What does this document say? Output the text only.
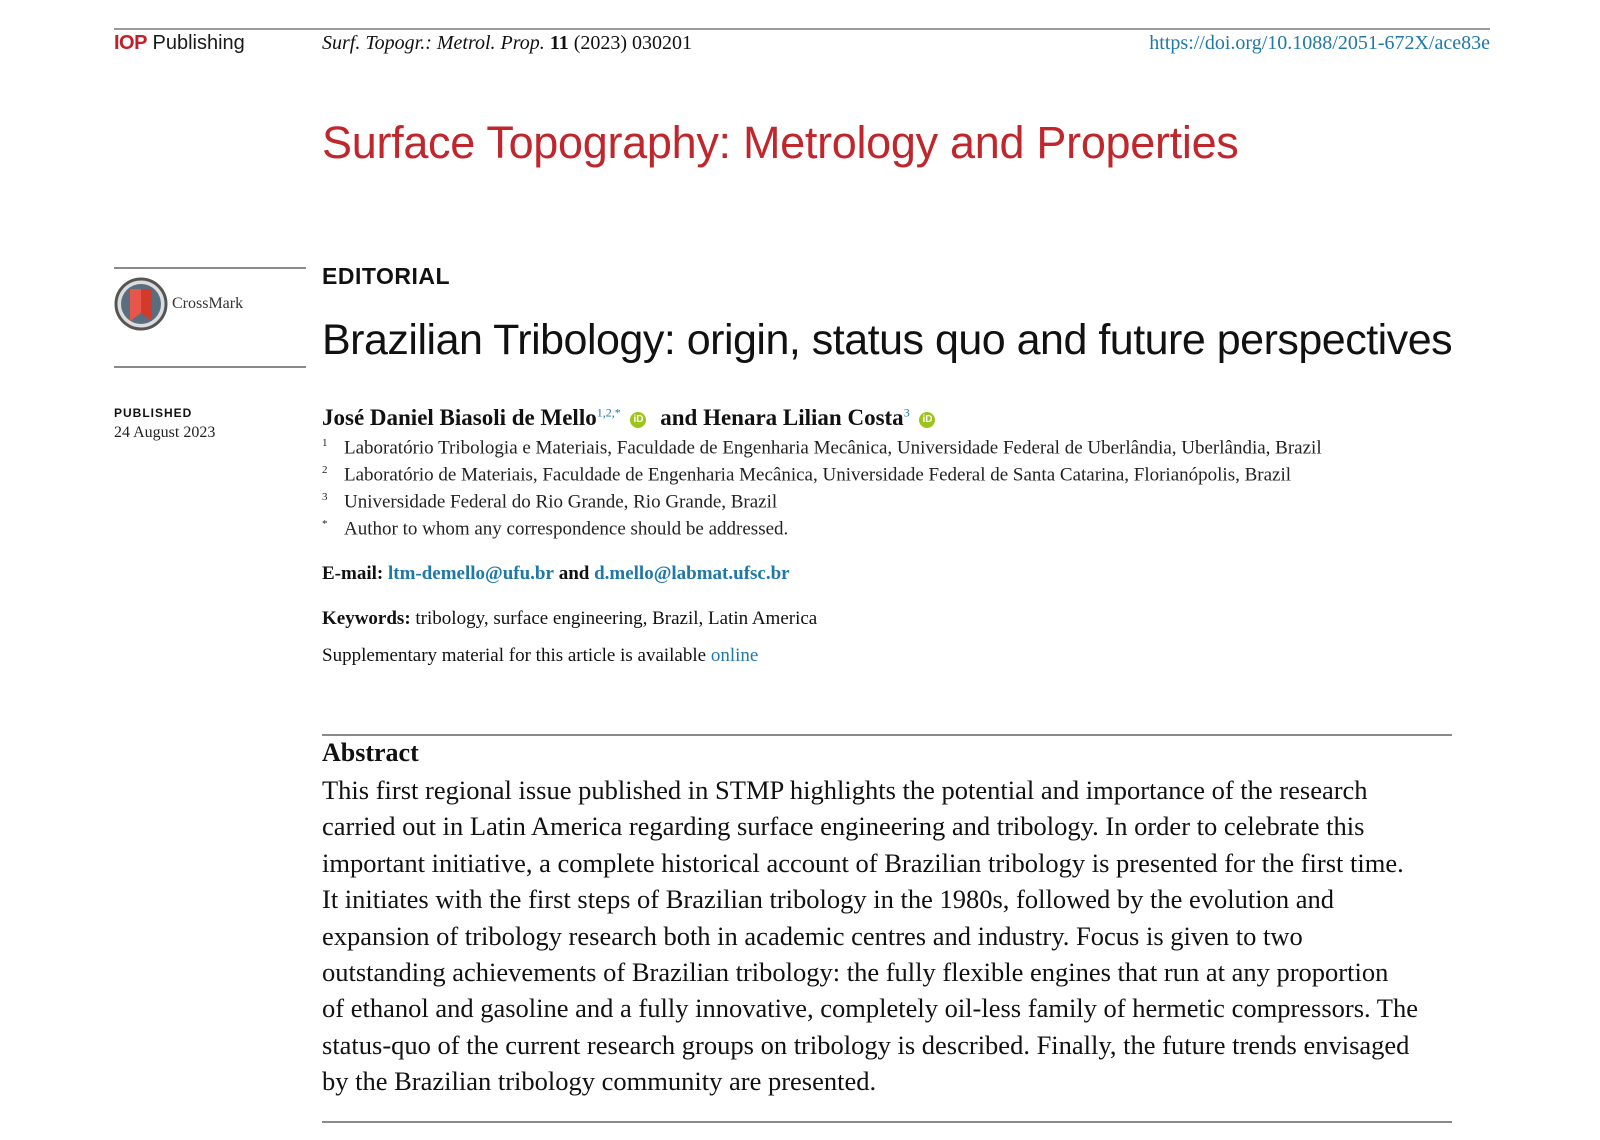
IOP Publishing	Surf. Topogr.: Metrol. Prop. 11 (2023) 030201	https://doi.org/10.1088/2051-672X/ace83e
Surface Topography: Metrology and Properties
CrossMark
PUBLISHED
24 August 2023
EDITORIAL
Brazilian Tribology: origin, status quo and future perspectives
José Daniel Biasoli de Mello$^{1,2,*}$ iD and Henara Lilian Costa$^3$ iD
1 Laboratório Tribologia e Materiais, Faculdade de Engenharia Mecânica, Universidade Federal de Uberlândia, Uberlândia, Brazil
2 Laboratório de Materiais, Faculdade de Engenharia Mecânica, Universidade Federal de Santa Catarina, Florianópolis, Brazil
3 Universidade Federal do Rio Grande, Rio Grande, Brazil
* Author to whom any correspondence should be addressed.
E-mail: ltm-demello@ufu.br and d.mello@labmat.ufsc.br
Keywords: tribology, surface engineering, Brazil, Latin America
Supplementary material for this article is available online
Abstract
This first regional issue published in STMP highlights the potential and importance of the research
carried out in Latin America regarding surface engineering and tribology. In order to celebrate this
important initiative, a complete historical account of Brazilian tribology is presented for the first time.
It initiates with the first steps of Brazilian tribology in the 1980s, followed by the evolution and
expansion of tribology research both in academic centres and industry. Focus is given to two
outstanding achievements of Brazilian tribology: the fully flexible engines that run at any proportion
of ethanol and gasoline and a fully innovative, completely oil-less family of hermetic compressors. The
status-quo of the current research groups on tribology is described. Finally, the future trends envisaged
by the Brazilian tribology community are presented.
